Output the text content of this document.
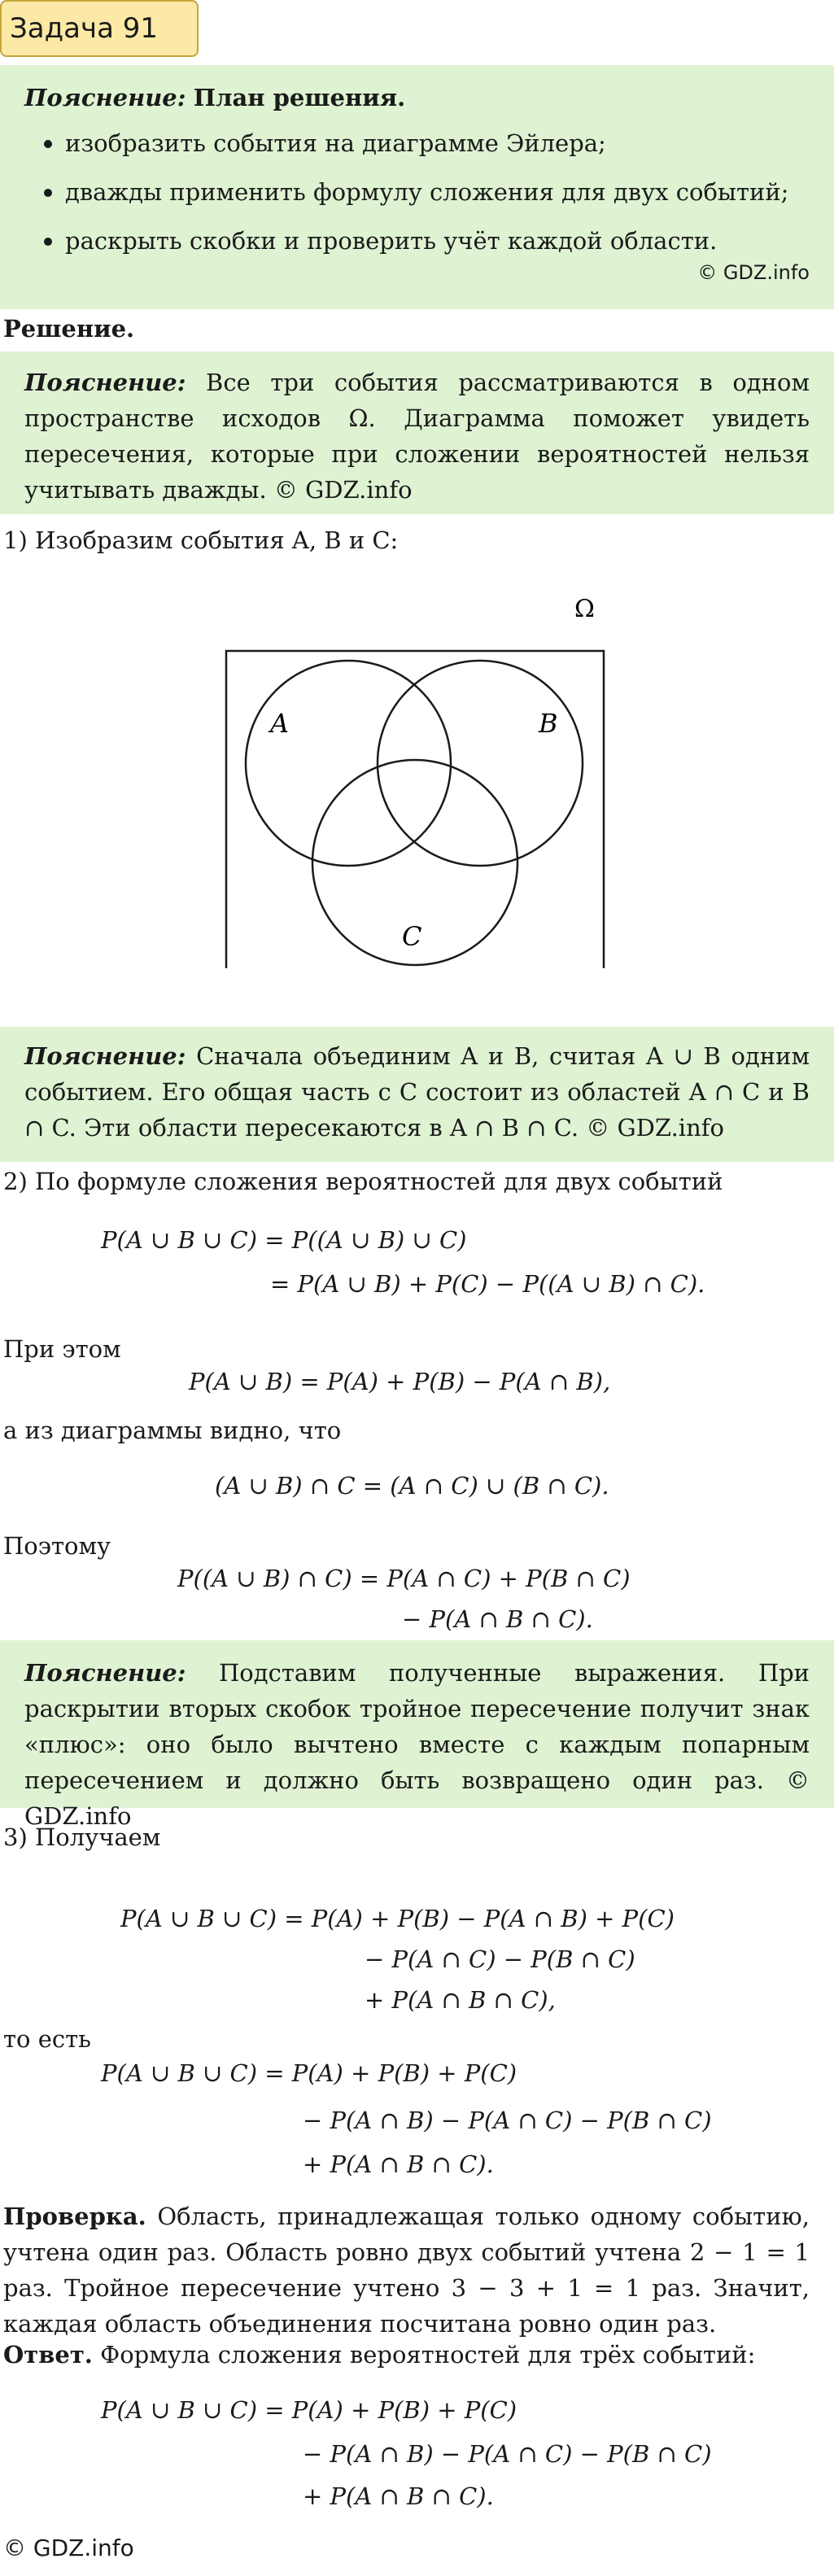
Задача 91

Пояснение: План решения.

изобразить события на диаграмме Эйлера;
дважды применить формулу сложения для двух событий;
раскрыть скобки и проверить учёт каждой области.
© GDZ.info
Решение.

Пояснение: Все три события рассматриваются в одном пространстве исходов Ω. Диаграмма поможет увидеть пересечения, которые при сложении вероятностей нельзя учитывать дважды. © GDZ.info

1) Изобразим события A, B и C:
Ω
A	B
C

Пояснение: Сначала объединим A и B, считая A ∪ B одним событием. Его общая часть с C состоит из областей A ∩ C и B ∩ C. Эти области пересекаются в A ∩ B ∩ C. © GDZ.info

2) По формуле сложения вероятностей для двух событий
P(A ∪ B ∪ C) = P((A ∪ B) ∪ C)
= P(A ∪ B) + P(C) − P((A ∪ B) ∩ C).
При этом
P(A ∪ B) = P(A) + P(B) − P(A ∩ B),
а из диаграммы видно, что
(A ∪ B) ∩ C = (A ∩ C) ∪ (B ∩ C).
Поэтому
P((A ∪ B) ∩ C) = P(A ∩ C) + P(B ∩ C)
− P(A ∩ B ∩ C).

Пояснение: Подставим полученные выражения. При раскрытии вторых скобок тройное пересечение получит знак «плюс»: оно было вычтено вместе с каждым попарным пересечением и должно быть возвращено один раз. © GDZ.info

3) Получаем
P(A ∪ B ∪ C) = P(A) + P(B) − P(A ∩ B) + P(C)
− P(A ∩ C) − P(B ∩ C)
+ P(A ∩ B ∩ C),
то есть
P(A ∪ B ∪ C) = P(A) + P(B) + P(C)
− P(A ∩ B) − P(A ∩ C) − P(B ∩ C)
+ P(A ∩ B ∩ C).
Проверка. Область, принадлежащая только одному событию, учтена один раз. Область ровно двух событий учтена 2 − 1 = 1 раз. Тройное пересечение учтено 3 − 3 + 1 = 1 раз. Значит, каждая область объединения посчитана ровно один раз.
Ответ. Формула сложения вероятностей для трёх событий:
P(A ∪ B ∪ C) = P(A) + P(B) + P(C)
− P(A ∩ B) − P(A ∩ C) − P(B ∩ C)
+ P(A ∩ B ∩ C).
© GDZ.info
